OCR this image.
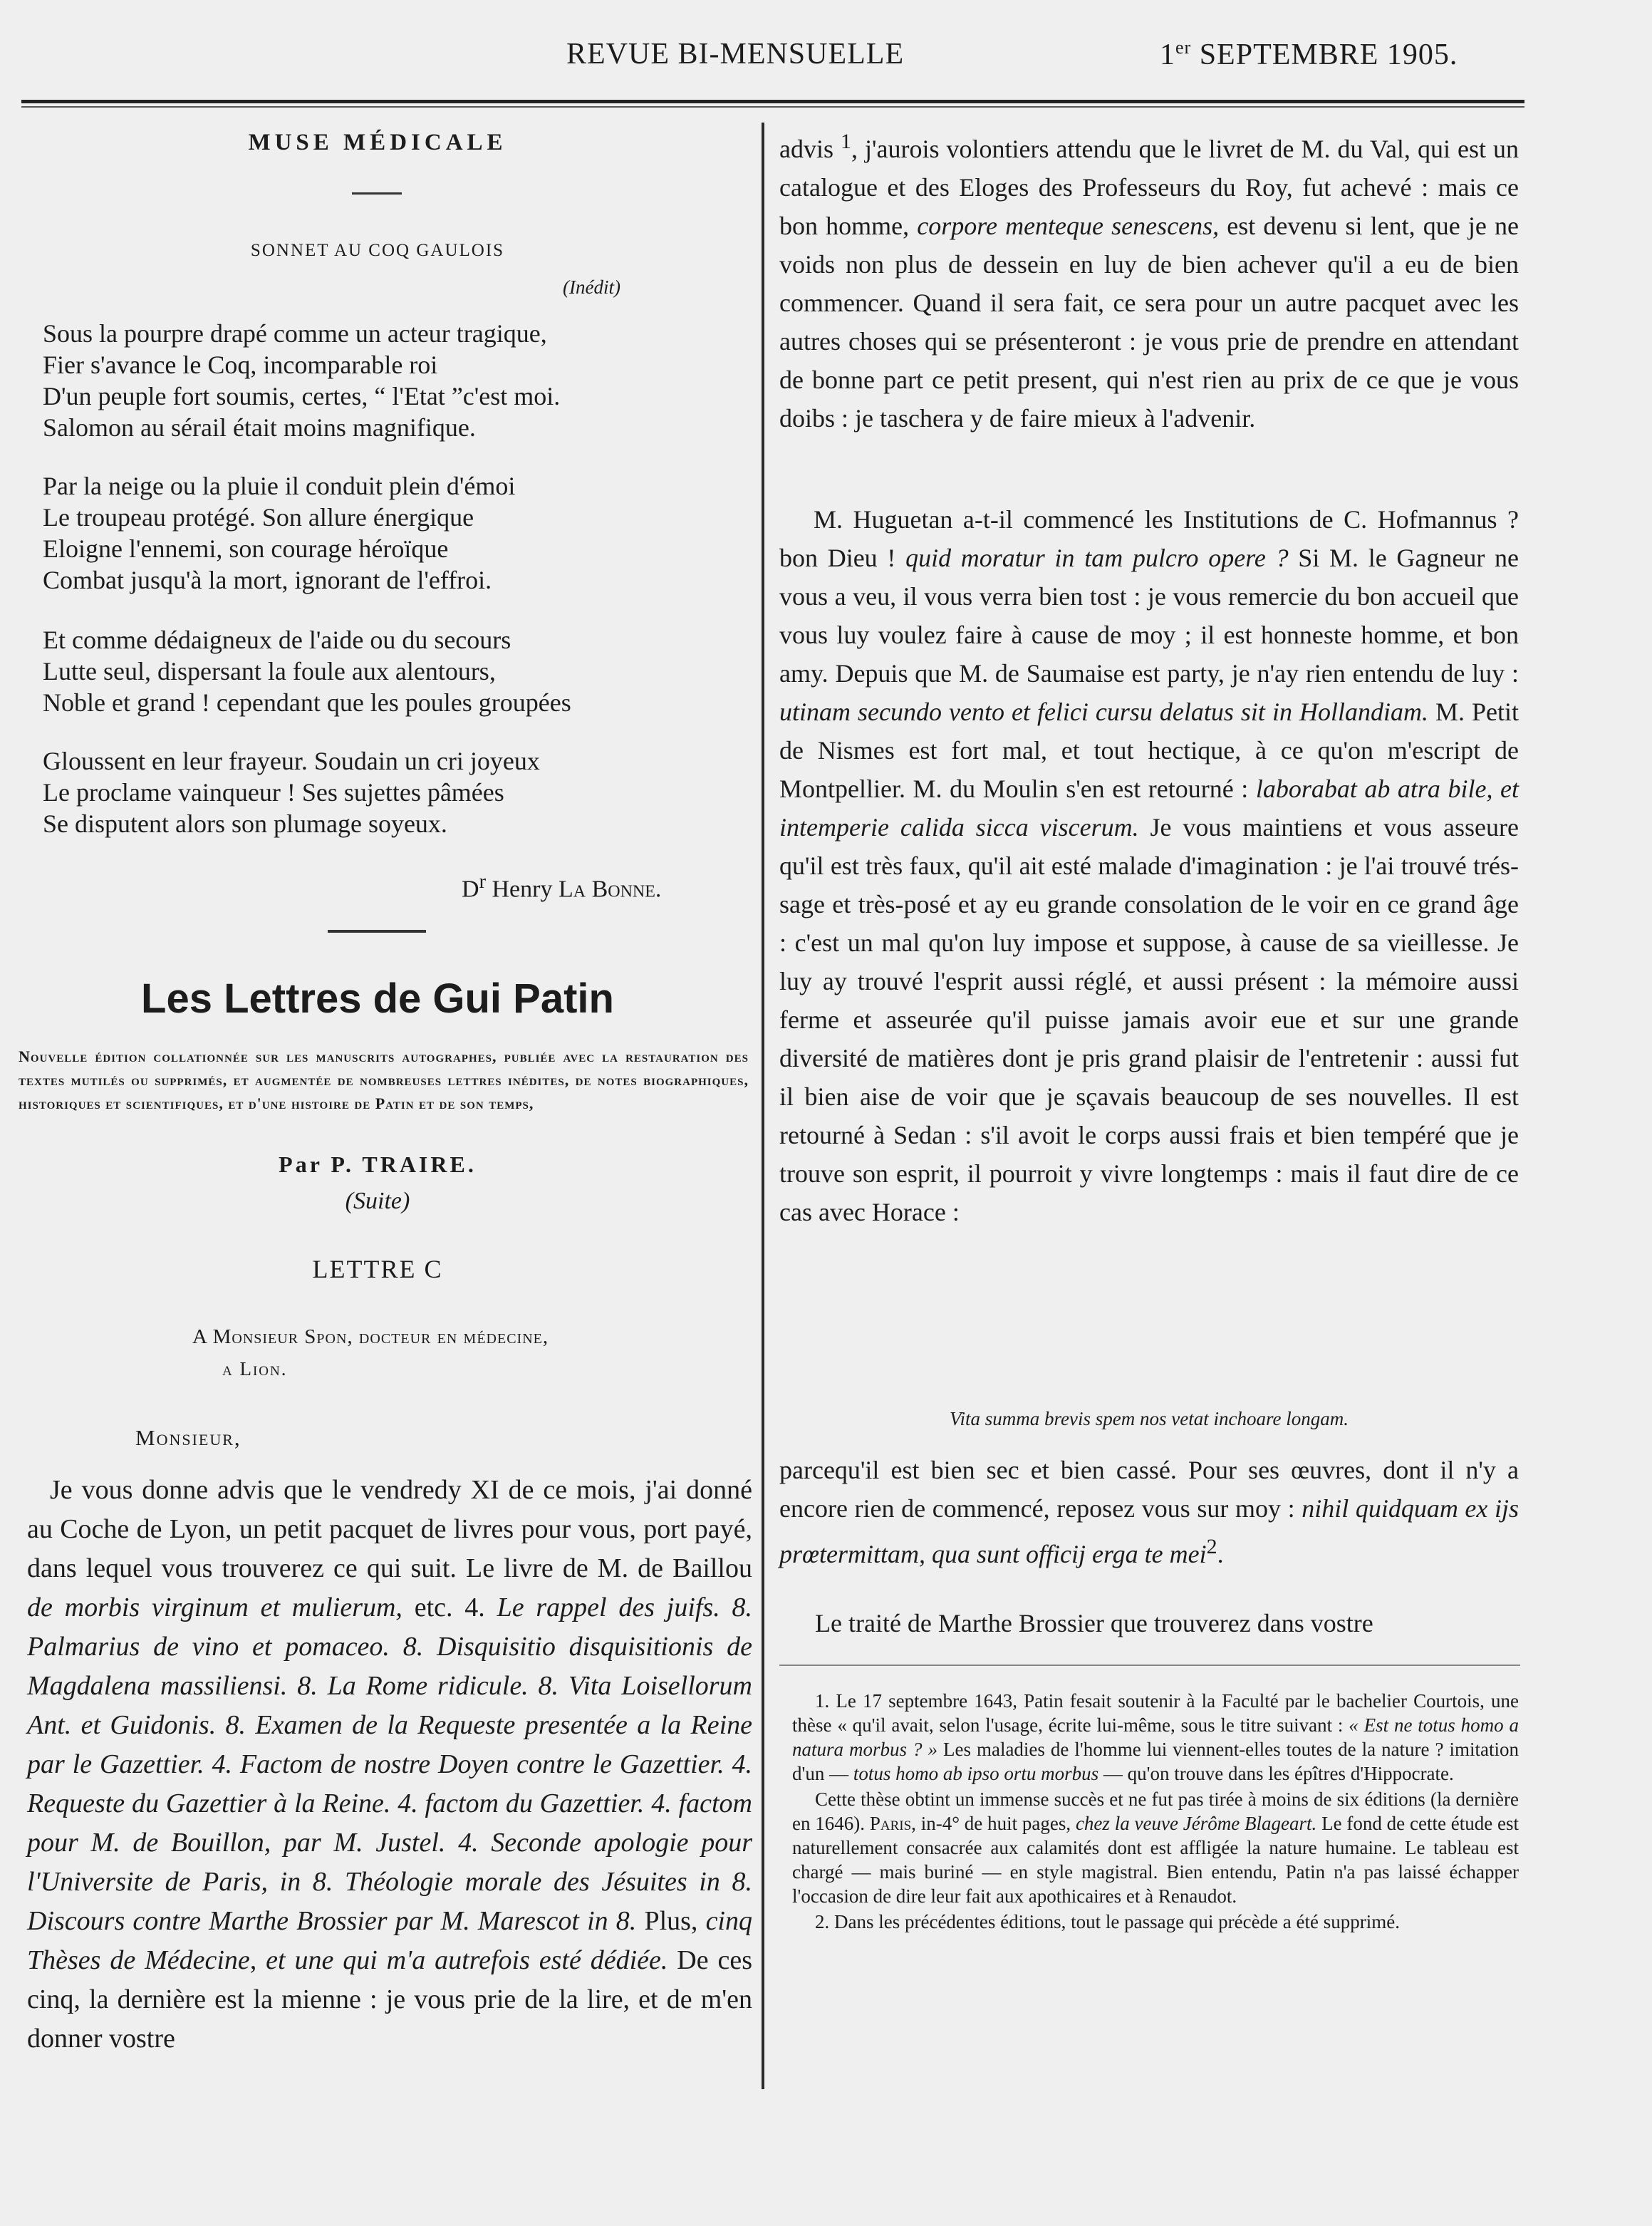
REVUE BI-MENSUELLE	1er SEPTEMBRE 1905.
MUSE MÉDICALE
SONNET AU COQ GAULOIS
(Inédit)
Sous la pourpre drapé comme un acteur tragique,
Fier s'avance le Coq, incomparable roi
D'un peuple fort soumis, certes, “ l'Etat ”c'est moi.
Salomon au sérail était moins magnifique.
Par la neige ou la pluie il conduit plein d'émoi
Le troupeau protégé. Son allure énergique
Eloigne l'ennemi, son courage héroïque
Combat jusqu'à la mort, ignorant de l'effroi.
Et comme dédaigneux de l'aide ou du secours
Lutte seul, dispersant la foule aux alentours,
Noble et grand ! cependant que les poules groupées
Gloussent en leur frayeur. Soudain un cri joyeux
Le proclame vainqueur ! Ses sujettes pâmées
Se disputent alors son plumage soyeux.
$D^r$ Henry La Bonne.
Les Lettres de Gui Patin
Nouvelle édition collationnée sur les manuscrits autographes, publiée avec la restauration des textes mutilés ou supprimés, et augmentée de nombreuses lettres inédites, de notes biographiques, historiques et scientifiques, et d'une histoire de Patin et de son temps,
Par P. TRAIRE.
(Suite)
LETTRE C
A Monsieur Spon, docteur en médecine,
a Lion.
Monsieur,
Je vous donne advis que le vendredy XI de ce mois, j'ai donné au Coche de Lyon, un petit pacquet de livres pour vous, port payé, dans lequel vous trouverez ce qui suit. Le livre de M. de Baillou de morbis virginum et mulierum, etc. 4. Le rappel des juifs. 8. Palmarius de vino et pomaceo. 8. Disquisitio disquisitionis de Magdalena massiliensi. 8. La Rome ridicule. 8. Vita Loisellorum Ant. et Guidonis. 8. Examen de la Requeste presentée a la Reine par le Gazettier. 4. Factom de nostre Doyen contre le Gazettier. 4. Requeste du Gazettier à la Reine. 4. factom du Gazettier. 4. factom pour M. de Bouillon, par M. Justel. 4. Seconde apologie pour l'Universite de Paris, in 8. Théologie morale des Jésuites in 8. Discours contre Marthe Brossier par M. Marescot in 8. Plus, cinq Thèses de Médecine, et une qui m'a autrefois esté dédiée. De ces cinq, la dernière est la mienne : je vous prie de la lire, et de m'en donner vostre
advis $^1$, j'aurois volontiers attendu que le livret de M. du Val, qui est un catalogue et des Eloges des Professeurs du Roy, fut achevé : mais ce bon homme, corpore menteque senescens, est devenu si lent, que je ne voids non plus de dessein en luy de bien achever qu'il a eu de bien commencer. Quand il sera fait, ce sera pour un autre pacquet avec les autres choses qui se présenteront : je vous prie de prendre en attendant de bonne part ce petit present, qui n'est rien au prix de ce que je vous doibs : je taschera y de faire mieux à l'advenir.
M. Huguetan a-t-il commencé les Institutions de C. Hofmannus ? bon Dieu ! quid moratur in tam pulcro opere ? Si M. le Gagneur ne vous a veu, il vous verra bien tost : je vous remercie du bon accueil que vous luy voulez faire à cause de moy ; il est honneste homme, et bon amy. Depuis que M. de Saumaise est party, je n'ay rien entendu de luy : utinam secundo vento et felici cursu delatus sit in Hollandiam. M. Petit de Nismes est fort mal, et tout hectique, à ce qu'on m'escript de Montpellier. M. du Moulin s'en est retourné : laborabat ab atra bile, et intemperie calida sicca viscerum. Je vous maintiens et vous asseure qu'il est très faux, qu'il ait esté malade d'imagination : je l'ai trouvé trés-sage et très-posé et ay eu grande consolation de le voir en ce grand âge : c'est un mal qu'on luy impose et suppose, à cause de sa vieillesse. Je luy ay trouvé l'esprit aussi réglé, et aussi présent : la mémoire aussi ferme et asseurée qu'il puisse jamais avoir eue et sur une grande diversité de matières dont je pris grand plaisir de l'entretenir : aussi fut il bien aise de voir que je sçavais beaucoup de ses nouvelles. Il est retourné à Sedan : s'il avoit le corps aussi frais et bien tempéré que je trouve son esprit, il pourroit y vivre longtemps : mais il faut dire de ce cas avec Horace :
Vita summa brevis spem nos vetat inchoare longam.
parcequ'il est bien sec et bien cassé. Pour ses œuvres, dont il n'y a encore rien de commencé, reposez vous sur moy : nihil quidquam ex ijs prœtermittam, qua sunt officij erga te mei$^2$.
Le traité de Marthe Brossier que trouverez dans vostre

1. Le 17 septembre 1643, Patin fesait soutenir à la Faculté par le bachelier Courtois, une thèse « qu'il avait, selon l'usage, écrite lui-même, sous le titre suivant : « Est ne totus homo a natura morbus ? » Les maladies de l'homme lui viennent-elles toutes de la nature ? imitation d'un — totus homo ab ipso ortu morbus — qu'on trouve dans les épîtres d'Hippocrate.

Cette thèse obtint un immense succès et ne fut pas tirée à moins de six éditions (la dernière en 1646). Paris, in-4° de huit pages, chez la veuve Jérôme Blageart. Le fond de cette étude est naturellement consacrée aux calamités dont est affligée la nature humaine. Le tableau est chargé — mais buriné — en style magistral. Bien entendu, Patin n'a pas laissé échapper l'occasion de dire leur fait aux apothicaires et à Renaudot.

2. Dans les précédentes éditions, tout le passage qui précède a été supprimé.
